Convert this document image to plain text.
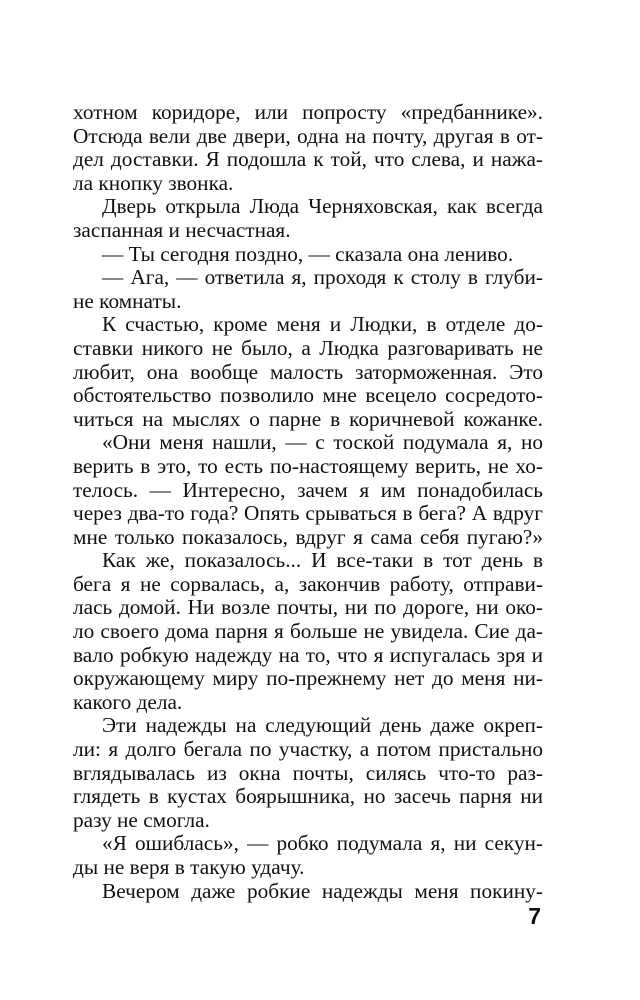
хотном коридоре, или попросту «предбаннике».
Отсюда вели две двери, одна на почту, другая в от-
дел доставки. Я подошла к той, что слева, и нажа-
ла кнопку звонка.
Дверь открыла Люда Черняховская, как всегда
заспанная и несчастная.
— Ты сегодня поздно, — сказала она лениво.
— Ага, — ответила я, проходя к столу в глуби-
не комнаты.
К счастью, кроме меня и Людки, в отделе до-
ставки никого не было, а Людка разговаривать не
любит, она вообще малость заторможенная. Это
обстоятельство позволило мне всецело сосредото-
читься на мыслях о парне в коричневой кожанке.
«Они меня нашли, — с тоской подумала я, но
верить в это, то есть по-настоящему верить, не хо-
телось. — Интересно, зачем я им понадобилась
через два-то года? Опять срываться в бега? А вдруг
мне только показалось, вдруг я сама себя пугаю?»
Как же, показалось... И все-таки в тот день в
бега я не сорвалась, а, закончив работу, отправи-
лась домой. Ни возле почты, ни по дороге, ни око-
ло своего дома парня я больше не увидела. Сие да-
вало робкую надежду на то, что я испугалась зря и
окружающему миру по-прежнему нет до меня ни-
какого дела.
Эти надежды на следующий день даже окреп-
ли: я долго бегала по участку, а потом пристально
вглядывалась из окна почты, силясь что-то раз-
глядеть в кустах боярышника, но засечь парня ни
разу не смогла.
«Я ошиблась», — робко подумала я, ни секун-
ды не веря в такую удачу.
Вечером даже робкие надежды меня покину-
7
